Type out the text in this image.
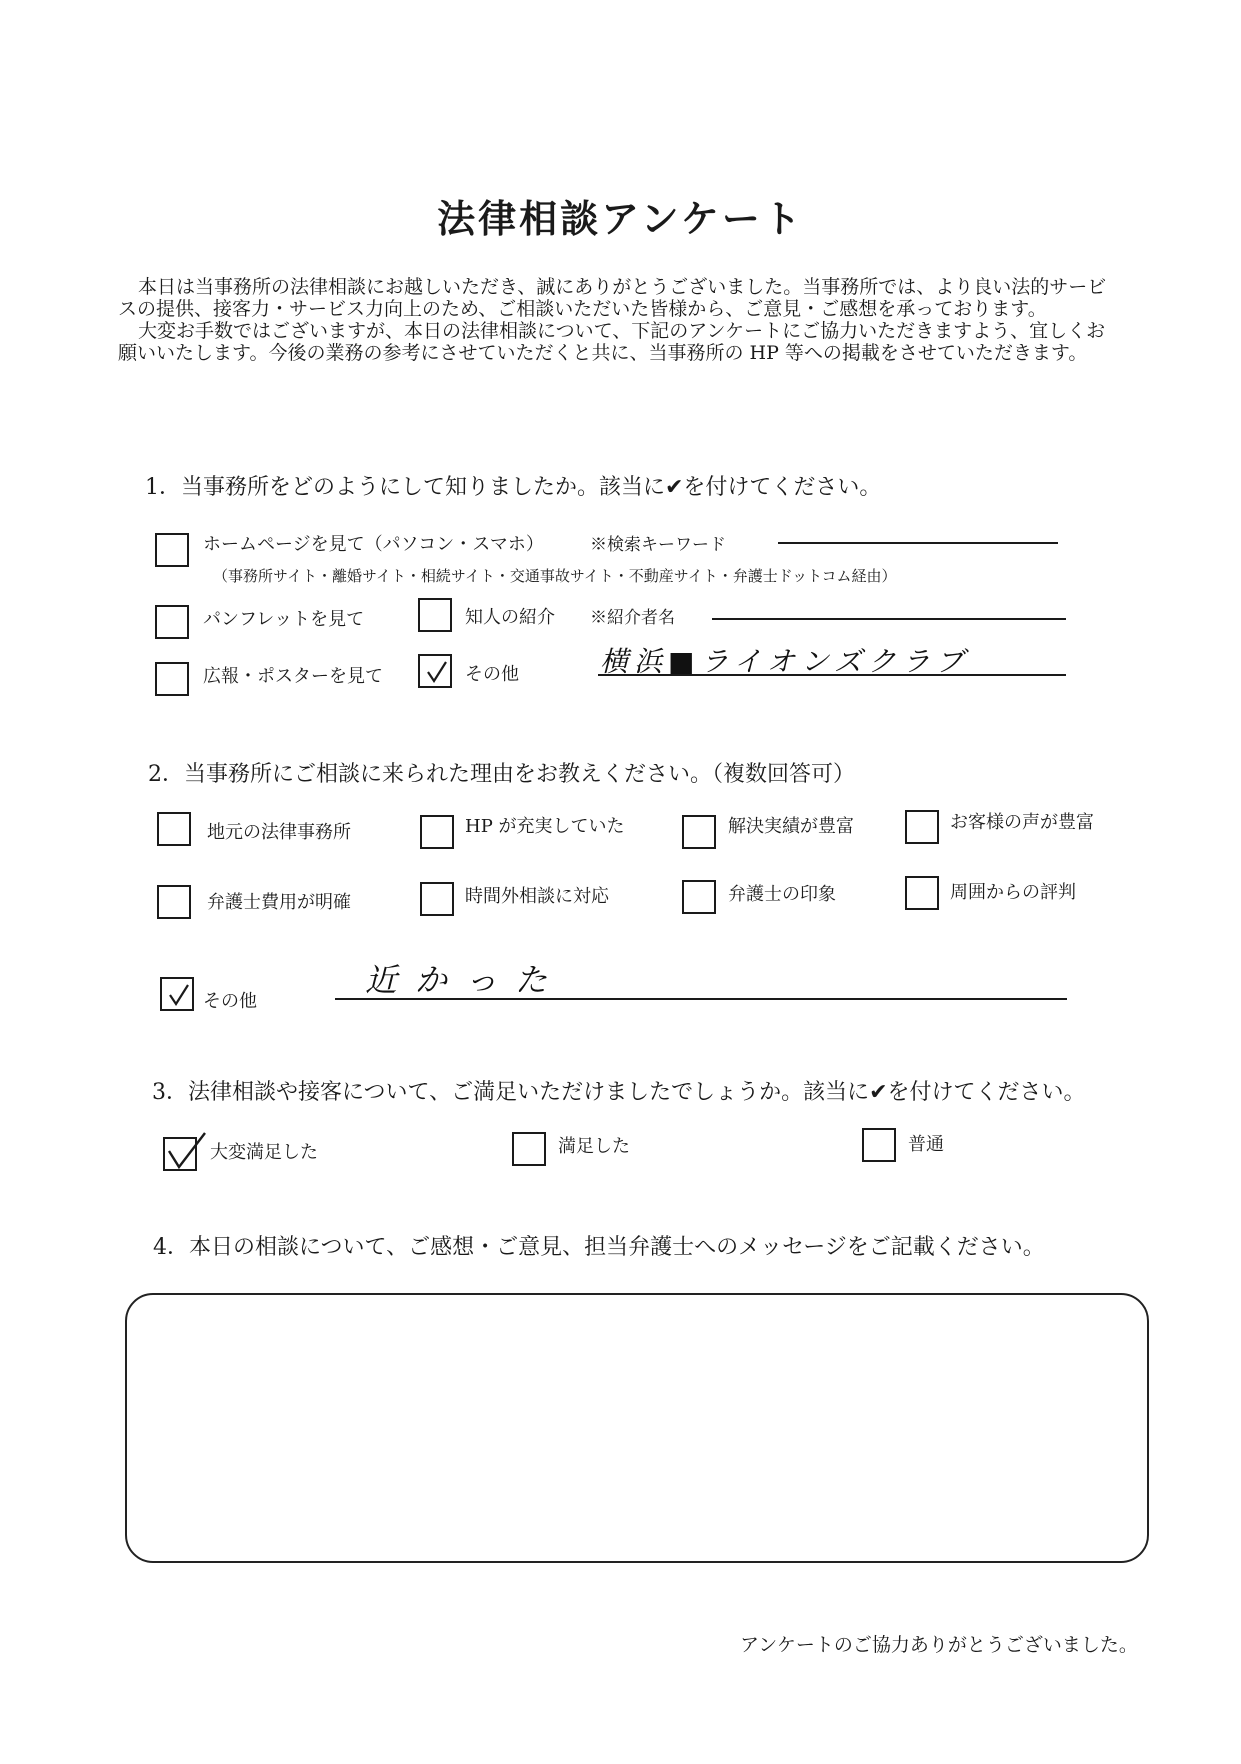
法律相談アンケート

本日は当事務所の法律相談にお越しいただき、誠にありがとうございました。当事務所では、より良い法的サービスの提供、接客力・サービス力向上のため、ご相談いただいた皆様から、ご意見・ご感想を承っております。

大変お手数ではございますが、本日の法律相談について、下記のアンケートにご協力いただきますよう、宜しくお願いいたします。今後の業務の参考にさせていただくと共に、当事務所の HP 等への掲載をさせていただきます。

1．当事務所をどのようにして知りましたか。該当に✔を付けてください。
ホームページを見て（パソコン・スマホ）	※検索キーワード
（事務所サイト・離婚サイト・相続サイト・交通事故サイト・不動産サイト・弁護士ドットコム経由）
パンフレットを見て	知人の紹介 ※紹介者名
広報・ポスターを見て	その他	横浜■ライオンズクラブ
2．当事務所にご相談に来られた理由をお教えください。（複数回答可）
地元の法律事務所	HP が充実していた	解決実績が豊富	お客様の声が豊富
弁護士費用が明確	時間外相談に対応	弁護士の印象	周囲からの評判
その他
近かった
3．法律相談や接客について、ご満足いただけましたでしょうか。該当に✔を付けてください。
大変満足した	満足した	普通
4．本日の相談について、ご感想・ご意見、担当弁護士へのメッセージをご記載ください。
アンケートのご協力ありがとうございました。
